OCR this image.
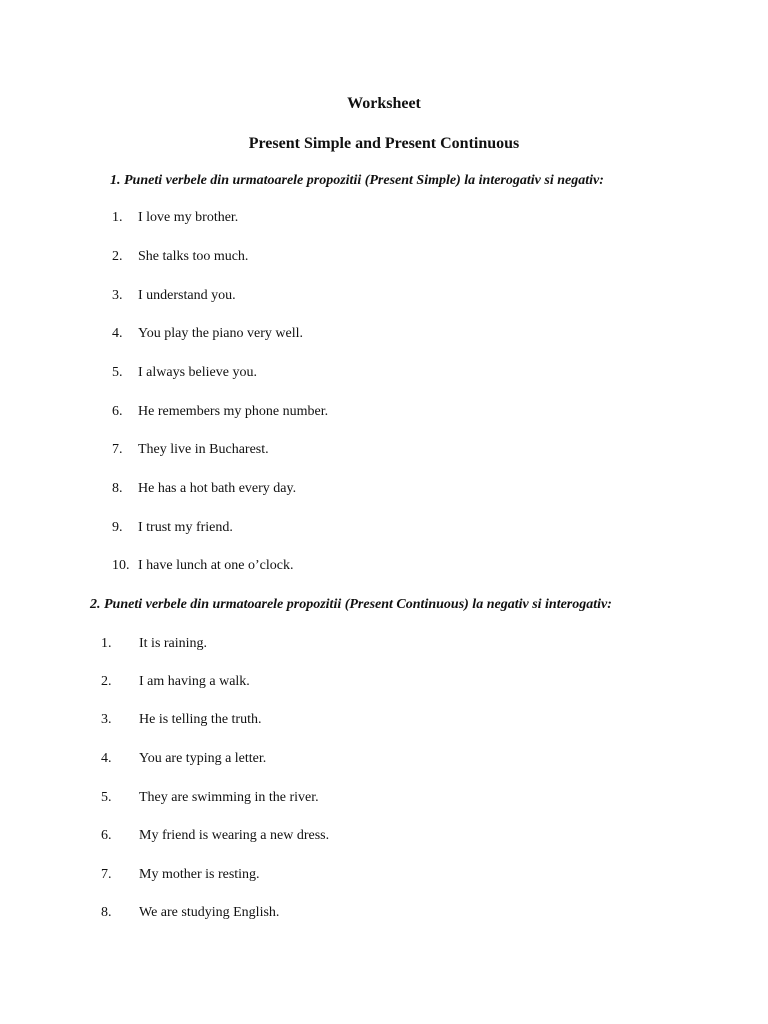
Worksheet
Present Simple and Present Continuous
1. Puneti verbele din urmatoarele propozitii (Present Simple) la interogativ si negativ:
1. I love my brother.
2. She talks too much.
3. I understand you.
4. You play the piano very well.
5. I always believe you.
6. He remembers my phone number.
7. They live in Bucharest.
8. He has a hot bath every day.
9. I trust my friend.
10. I have lunch at one o’clock.
2. Puneti verbele din urmatoarele propozitii (Present Continuous) la negativ si interogativ:
1. It is raining.
2. I am having a walk.
3. He is telling the truth.
4. You are typing a letter.
5. They are swimming in the river.
6. My friend is wearing a new dress.
7. My mother is resting.
8. We are studying English.
